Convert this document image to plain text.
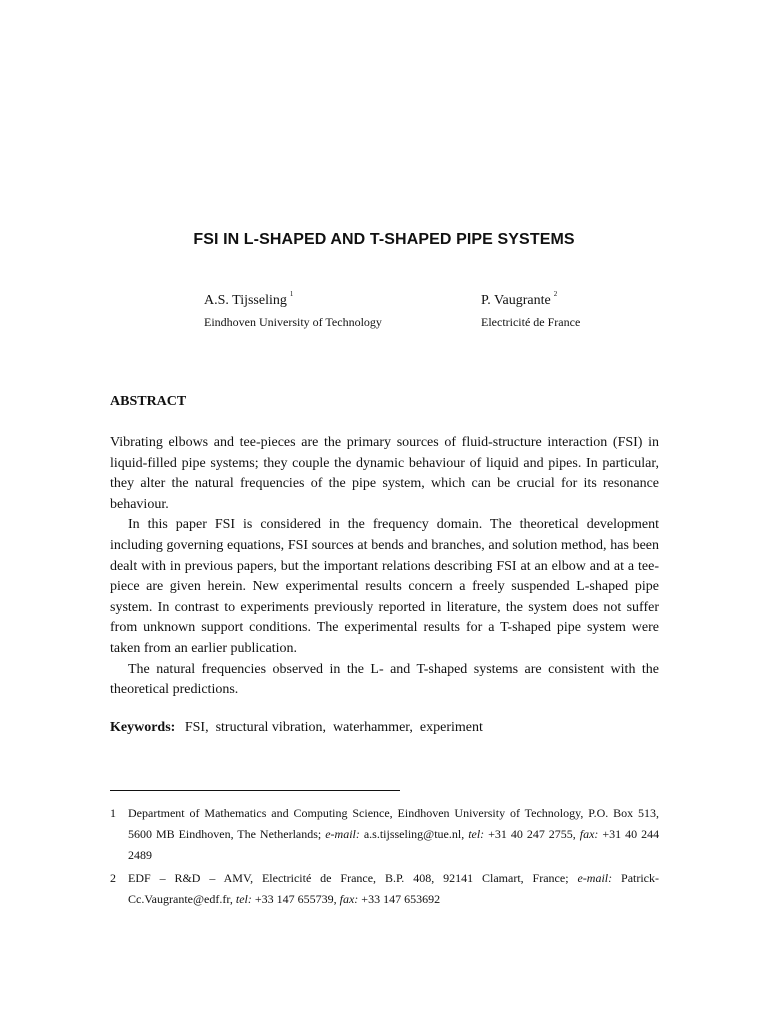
FSI IN L-SHAPED AND T-SHAPED PIPE SYSTEMS
A.S. Tijsseling $^1$
Eindhoven University of Technology
P. Vaugrante $^2$
Electricité de France
ABSTRACT

Vibrating elbows and tee-pieces are the primary sources of fluid-structure interaction (FSI) in liquid-filled pipe systems; they couple the dynamic behaviour of liquid and pipes. In particular, they alter the natural frequencies of the pipe system, which can be crucial for its resonance behaviour.

In this paper FSI is considered in the frequency domain. The theoretical development including governing equations, FSI sources at bends and branches, and solution method, has been dealt with in previous papers, but the important relations describing FSI at an elbow and at a tee-piece are given herein. New experimental results concern a freely suspended L-shaped pipe system. In contrast to experiments previously reported in literature, the system does not suffer from unknown support conditions. The experimental results for a T-shaped pipe system were taken from an earlier publication.

The natural frequencies observed in the L- and T-shaped systems are consistent with the theoretical predictions.

Keywords: FSI , structural vibration , waterhammer , experiment
1 Department of Mathematics and Computing Science, Eindhoven University of Technology, P.O. Box 513, 5600 MB Eindhoven, The Netherlands; e-mail: a.s.tijsseling@tue.nl, tel: +31 40 247 2755, fax: +31 40 244 2489
2 EDF – R&D – AMV, Electricité de France, B.P. 408, 92141 Clamart, France; e-mail: Patrick-Cc.Vaugrante@edf.fr, tel: +33 147 655739, fax: +33 147 653692
